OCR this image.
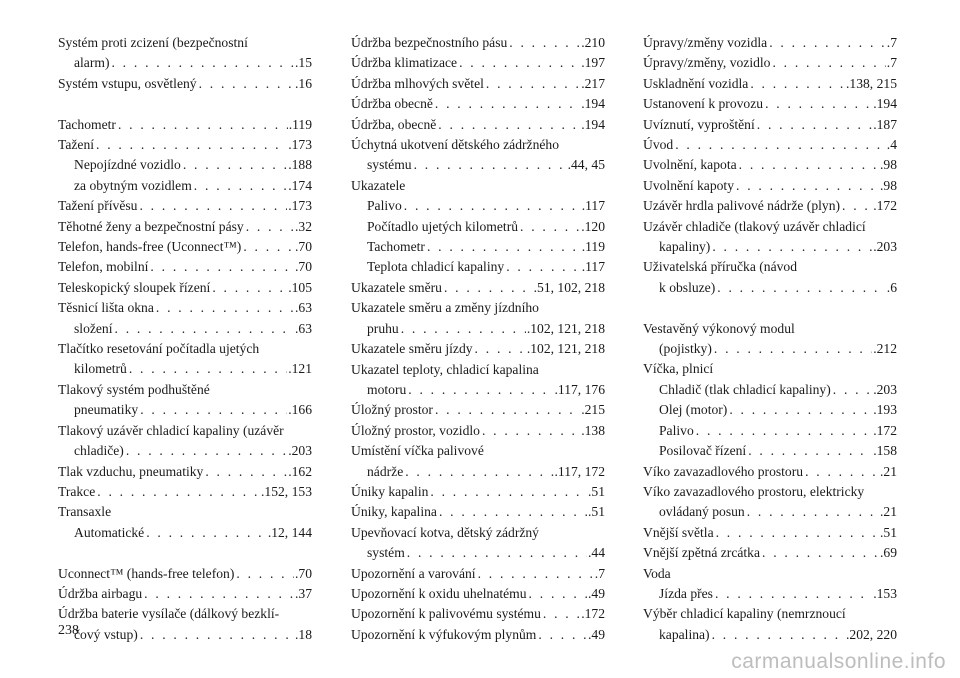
Systém proti zcizení (bezpečnostní
alarm) . . .	.15
Systém vstupu, osvětlený . . .	.16
Tachometr . . .	.119
Tažení . . .	.173
Nepojízdné vozidlo . . .	.188
za obytným vozidlem . . .	.174
Tažení přívěsu . . .	.173
Těhotné ženy a bezpečnostní pásy . . .	.32
Telefon, hands-free (Uconnect™) . . .	.70
Telefon, mobilní . . .	.70
Teleskopický sloupek řízení . . .	.105
Těsnicí lišta okna . . .	.63
složení . . .	.63
Tlačítko resetování počítadla ujetých
kilometrů . . .	.121
Tlakový systém podhuštěné
pneumatiky . . .	.166
Tlakový uzávěr chladicí kapaliny (uzávěr
chladiče) . . .	.203
Tlak vzduchu, pneumatiky . . .	.162
Trakce . . .	.152, 153
Transaxle
Automatické . . .	.12, 144
Uconnect™ (hands-free telefon) . . .	.70
Údržba airbagu . . .	.37
Údržba baterie vysílače (dálkový bezklí-
čový vstup) . . .	.18
Údržba bezpečnostního pásu . . .	.210
Údržba klimatizace . . .	.197
Údržba mlhových světel . . .	.217
Údržba obecně . . .	.194
Údržba, obecně . . .	.194
Úchytná ukotvení dětského zádržného
systému . . .	.44, 45
Ukazatele
Palivo . . .	.117
Počítadlo ujetých kilometrů . . .	.120
Tachometr . . .	.119
Teplota chladicí kapaliny . . .	.117
Ukazatele směru . . .	.51, 102, 218
Ukazatele směru a změny jízdního
pruhu . . .	.102, 121, 218
Ukazatele směru jízdy . . .	.102, 121, 218
Ukazatel teploty, chladicí kapalina
motoru . . .	.117, 176
Úložný prostor . . .	.215
Úložný prostor, vozidlo . . .	.138
Umístění víčka palivové
nádrže . . .	.117, 172
Úniky kapalin . . .	.51
Úniky, kapalina . . .	.51
Upevňovací kotva, dětský zádržný
systém . . .	.44
Upozornění a varování . . .	.7
Upozornění k oxidu uhelnatému . . .	.49
Upozornění k palivovému systému . . .	.172
Upozornění k výfukovým plynům . . .	.49
Úpravy/změny vozidla . . .	.7
Úpravy/změny, vozidlo . . .	.7
Uskladnění vozidla . . .	.138, 215
Ustanovení k provozu . . .	.194
Uvíznutí, vyproštění . . .	.187
Úvod . . .	.4
Uvolnění, kapota . . .	.98
Uvolnění kapoty . . .	.98
Uzávěr hrdla palivové nádrže (plyn) . . . .172
Uzávěr chladiče (tlakový uzávěr chladicí
kapaliny) . . .	.203
Uživatelská příručka (návod
k obsluze) . . .	.6
Vestavěný výkonový modul
(pojistky) . . .	.212
Víčka, plnicí
Chladič (tlak chladicí kapaliny) . . .	.203
Olej (motor) . . .	.193
Palivo . . .	.172
Posilovač řízení . . .	.158
Víko zavazadlového prostoru . . .	.21
Víko zavazadlového prostoru, elektricky
ovládaný posun . . .	.21
Vnější světla . . .	.51
Vnější zpětná zrcátka . . .	.69
Voda
Jízda přes . . .	.153
Výběr chladicí kapaliny (nemrznoucí
kapalina) . . .	.202, 220
238
carmanualsonline.info
